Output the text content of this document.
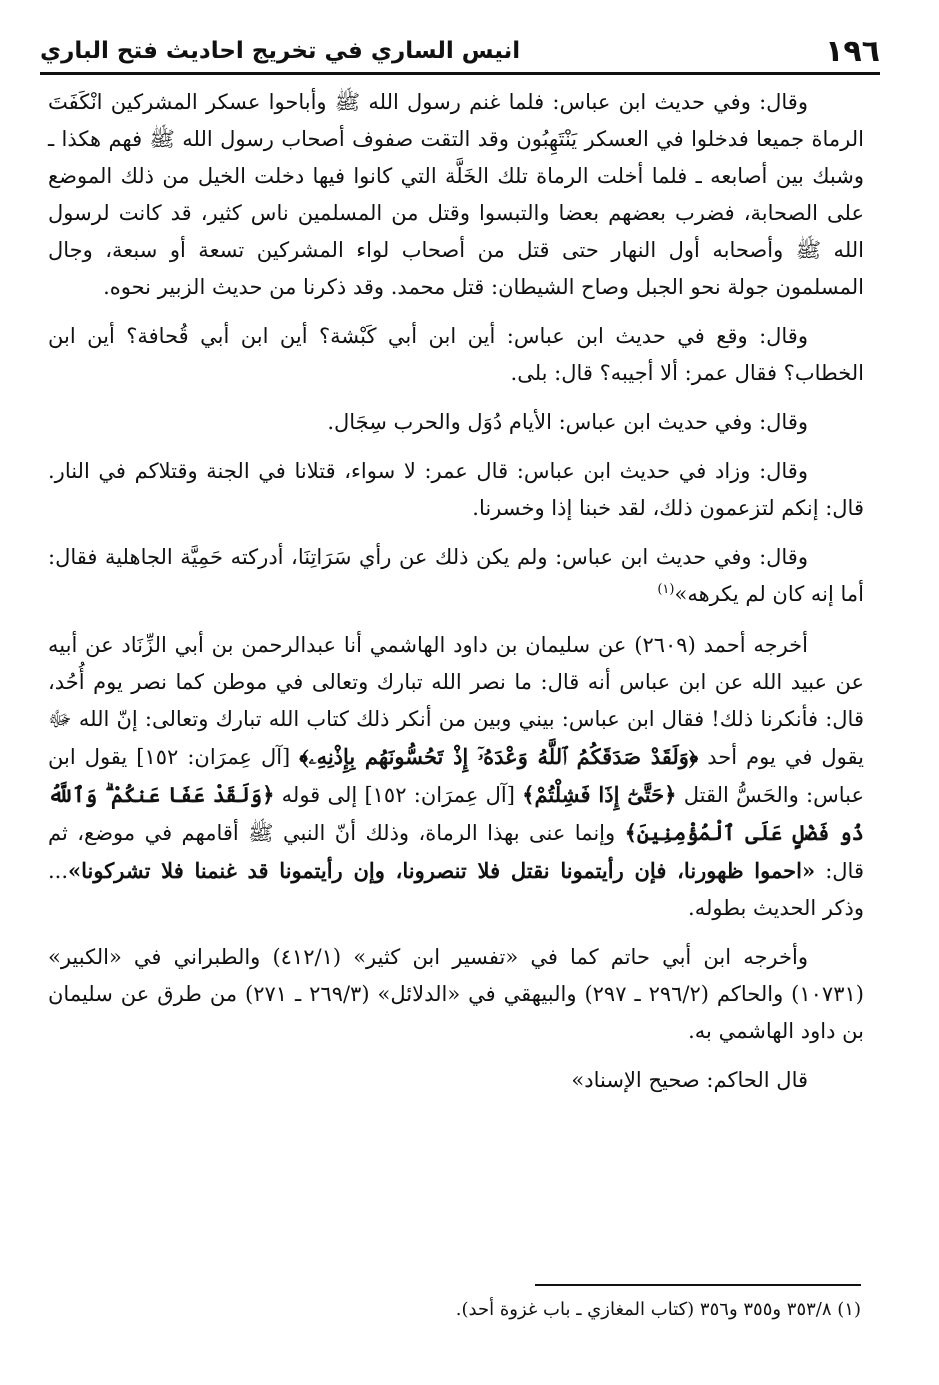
١٩٦
انيس الساري في تخريج احاديث فتح الباري

وقال: وفي حديث ابن عباس: فلما غنم رسول الله ﷺ وأباحوا عسكر المشركين انْكَفَتَ الرماة جميعا فدخلوا في العسكر يَنْتَهِبُون وقد التقت صفوف أصحاب رسول الله ﷺ فهم هكذا ـ وشبك بين أصابعه ـ فلما أخلت الرماة تلك الخَلَّة التي كانوا فيها دخلت الخيل من ذلك الموضع على الصحابة، فضرب بعضهم بعضا والتبسوا وقتل من المسلمين ناس كثير، قد كانت لرسول الله ﷺ وأصحابه أول النهار حتى قتل من أصحاب لواء المشركين تسعة أو سبعة، وجال المسلمون جولة نحو الجبل وصاح الشيطان: قتل محمد. وقد ذكرنا من حديث الزبير نحوه.

وقال: وقع في حديث ابن عباس: أين ابن أبي كَبْشة؟ أين ابن أبي قُحافة؟ أين ابن الخطاب؟ فقال عمر: ألا أجيبه؟ قال: بلى.

وقال: وفي حديث ابن عباس: الأيام دُوَل والحرب سِجَال.

وقال: وزاد في حديث ابن عباس: قال عمر: لا سواء، قتلانا في الجنة وقتلاكم في النار. قال: إنكم لتزعمون ذلك، لقد خبنا إذا وخسرنا.

وقال: وفي حديث ابن عباس: ولم يكن ذلك عن رأي سَرَاتِنَا، أدركته حَمِيَّة الجاهلية فقال: أما إنه كان لم يكرهه»$^{(١)}$

أخرجه أحمد (٢٦٠٩) عن سليمان بن داود الهاشمي أنا عبدالرحمن بن أبي الزِّنَاد عن أبيه عن عبيد الله عن ابن عباس أنه قال: ما نصر الله تبارك وتعالى في موطن كما نصر يوم أُحُد، قال: فأنكرنا ذلك! فقال ابن عباس: بيني وبين من أنكر ذلك كتاب الله تبارك وتعالى: إنّ الله ﷻ يقول في يوم أحد ﴿وَلَقَدْ صَدَقَكُمُ ٱللَّهُ وَعْدَهُۥٓ إِذْ تَحُسُّونَهُم بِإِذْنِهِۦ﴾ [آل عِمرَان: ١٥٢] يقول ابن عباس: والحَسُّ القتل ﴿حَتَّىٰٓ إِذَا فَشِلْتُمْ﴾ [آل عِمرَان: ١٥٢] إلى قوله ﴿وَلَقَدْ عَفَا عَنكُمْ ۗ وَٱللَّهُ ذُو فَضْلٍ عَلَى ٱلْمُؤْمِنِينَ﴾ وإنما عنى بهذا الرماة، وذلك أنّ النبي ﷺ أقامهم في موضع، ثم قال: «احموا ظهورنا، فإن رأيتمونا نقتل فلا تنصرونا، وإن رأيتمونا قد غنمنا فلا تشركونا»... وذكر الحديث بطوله.

وأخرجه ابن أبي حاتم كما في «تفسير ابن كثير» (٤١٢/١) والطبراني في «الكبير» (١٠٧٣١) والحاكم (٢٩٦/٢ ـ ٢٩٧) والبيهقي في «الدلائل» (٢٦٩/٣ ـ ٢٧١) من طرق عن سليمان بن داود الهاشمي به.

قال الحاكم: صحيح الإسناد»

(١) ٣٥٣/٨ و٣٥٥ و٣٥٦ (كتاب المغازي ـ باب غزوة أحد).
